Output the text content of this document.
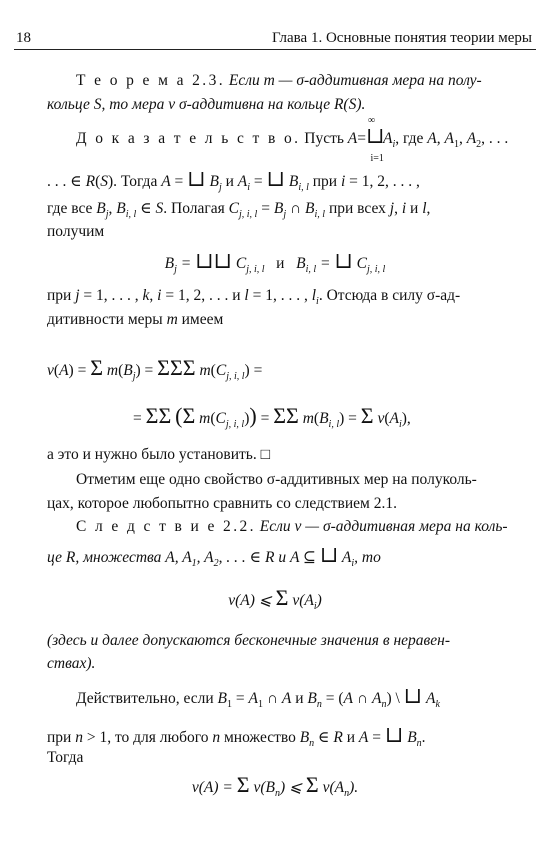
18	Глава 1. Основные понятия теории меры
Т е о р е м а 2.3. Если m — σ-аддитивная мера на полу-
кольце S, то мера ν σ-аддитивна на кольце R(S).
Д о к а з а т е л ь с т в о. Пусть $A=⊔_{i=1}^\infty A_i$, где A, $A_1$, $A_2$, . . .
. . . ∈ R(S). Тогда A = ⊔ $B_j$ и $A_i$ = ⊔ $B_{i, l}$ при i = 1, 2, . . . ,
где все $B_j$, $B_{i, l}$ ∈ S. Полагая $C_{j, i, l} = B_j$ ∩ $B_{i, l}$ при всех j, i и l,
получим
$B_j$ = ⊔⊔ $C_{j, i, l}$ и $B_{i, l}$ = ⊔ $C_{j, i, l}$
при j = 1, . . . , k, i = 1, 2, . . . и l = 1, . . . , $l_i$. Отсюда в силу σ-ад-
дитивности меры m имеем
ν(A) = Σ $m(B_j) = \Sigma\Sigma\Sigma$ $m(C_{j, i, l})$ =
= ΣΣ (Σ $m(C_{j, i, l})) = \Sigma\Sigma$ $m(B_{i, l}) = \Sigma$ $\nu(A_i)$,
а это и нужно было установить. □
Отметим еще одно свойство σ-аддитивных мер на полуколь-
цах, которое любопытно сравнить со следствием 2.1.
С л е д с т в и е 2.2. Если ν — σ-аддитивная мера на коль-
це R, множества A, $A_1$, $A_2$, . . . ∈ R и A ⊆ ⊔ $A_i$, то
ν(A) ⩽ Σ $\nu(A_i)$
(здесь и далее допускаются бесконечные значения в неравен-
ствах).
Действительно, если $B_1 = A_1$ ∩ A и $B_n = (A$ ∩ $A_n$) \ ⊔ $A_k$
при n > 1, то для любого n множество $B_n$ ∈ R и A = ⊔ $B_n$.
Тогда
ν(A) = Σ $\nu(B_n)$ ⩽ Σ $\nu(A_n)$.
